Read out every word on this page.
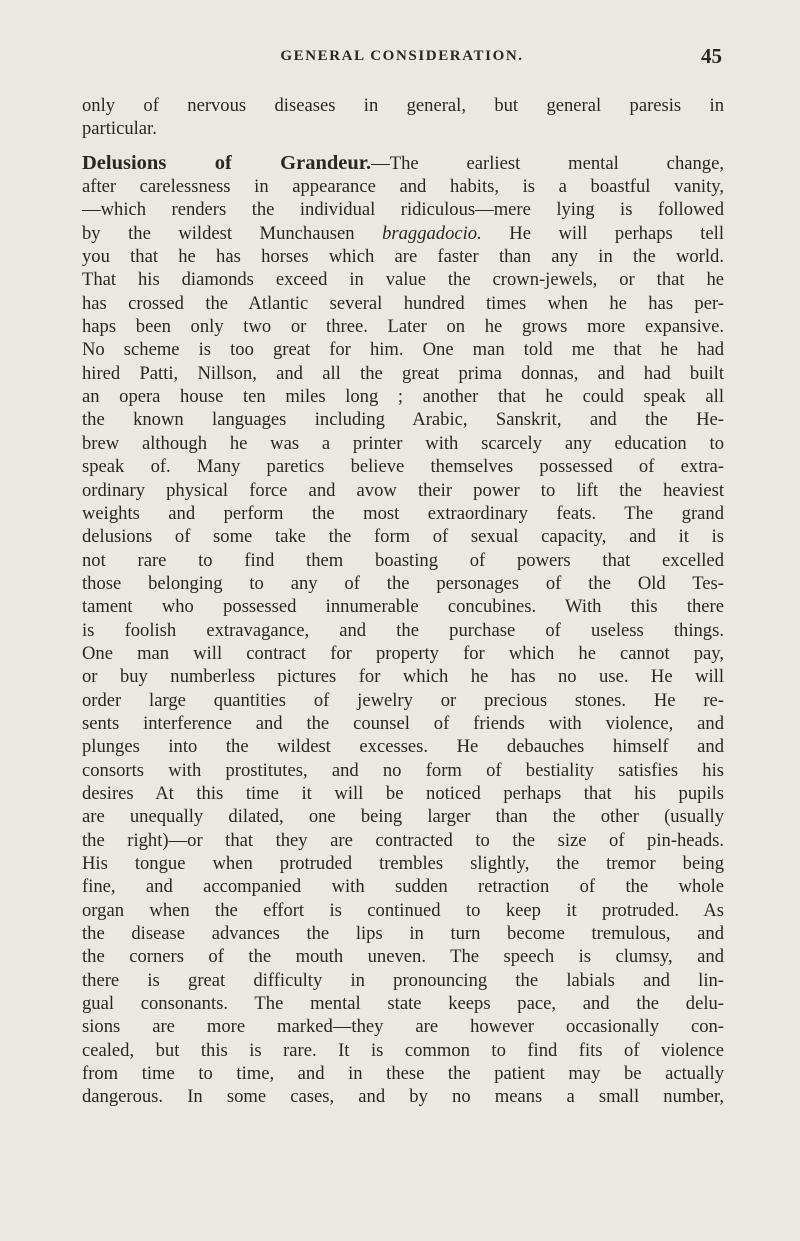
GENERAL CONSIDERATION.	45
only of nervous diseases in general, but general paresis in
particular.
Delusions of Grandeur.—The earliest mental change,
after carelessness in appearance and habits, is a boastful vanity,
—which renders the individual ridiculous—mere lying is followed
by the wildest Munchausen braggadocio. He will perhaps tell
you that he has horses which are faster than any in the world.
That his diamonds exceed in value the crown-jewels, or that he
has crossed the Atlantic several hundred times when he has per-
haps been only two or three. Later on he grows more expansive.
No scheme is too great for him. One man told me that he had
hired Patti, Nillson, and all the great prima donnas, and had built
an opera house ten miles long ; another that he could speak all
the known languages including Arabic, Sanskrit, and the He-
brew although he was a printer with scarcely any education to
speak of. Many paretics believe themselves possessed of extra-
ordinary physical force and avow their power to lift the heaviest
weights and perform the most extraordinary feats. The grand
delusions of some take the form of sexual capacity, and it is
not rare to find them boasting of powers that excelled
those belonging to any of the personages of the Old Tes-
tament who possessed innumerable concubines. With this there
is foolish extravagance, and the purchase of useless things.
One man will contract for property for which he cannot pay,
or buy numberless pictures for which he has no use. He will
order large quantities of jewelry or precious stones. He re-
sents interference and the counsel of friends with violence, and
plunges into the wildest excesses. He debauches himself and
consorts with prostitutes, and no form of bestiality satisfies his
desires At this time it will be noticed perhaps that his pupils
are unequally dilated, one being larger than the other (usually
the right)—or that they are contracted to the size of pin-heads.
His tongue when protruded trembles slightly, the tremor being
fine, and accompanied with sudden retraction of the whole
organ when the effort is continued to keep it protruded. As
the disease advances the lips in turn become tremulous, and
the corners of the mouth uneven. The speech is clumsy, and
there is great difficulty in pronouncing the labials and lin-
gual consonants. The mental state keeps pace, and the delu-
sions are more marked—they are however occasionally con-
cealed, but this is rare. It is common to find fits of violence
from time to time, and in these the patient may be actually
dangerous. In some cases, and by no means a small number,
